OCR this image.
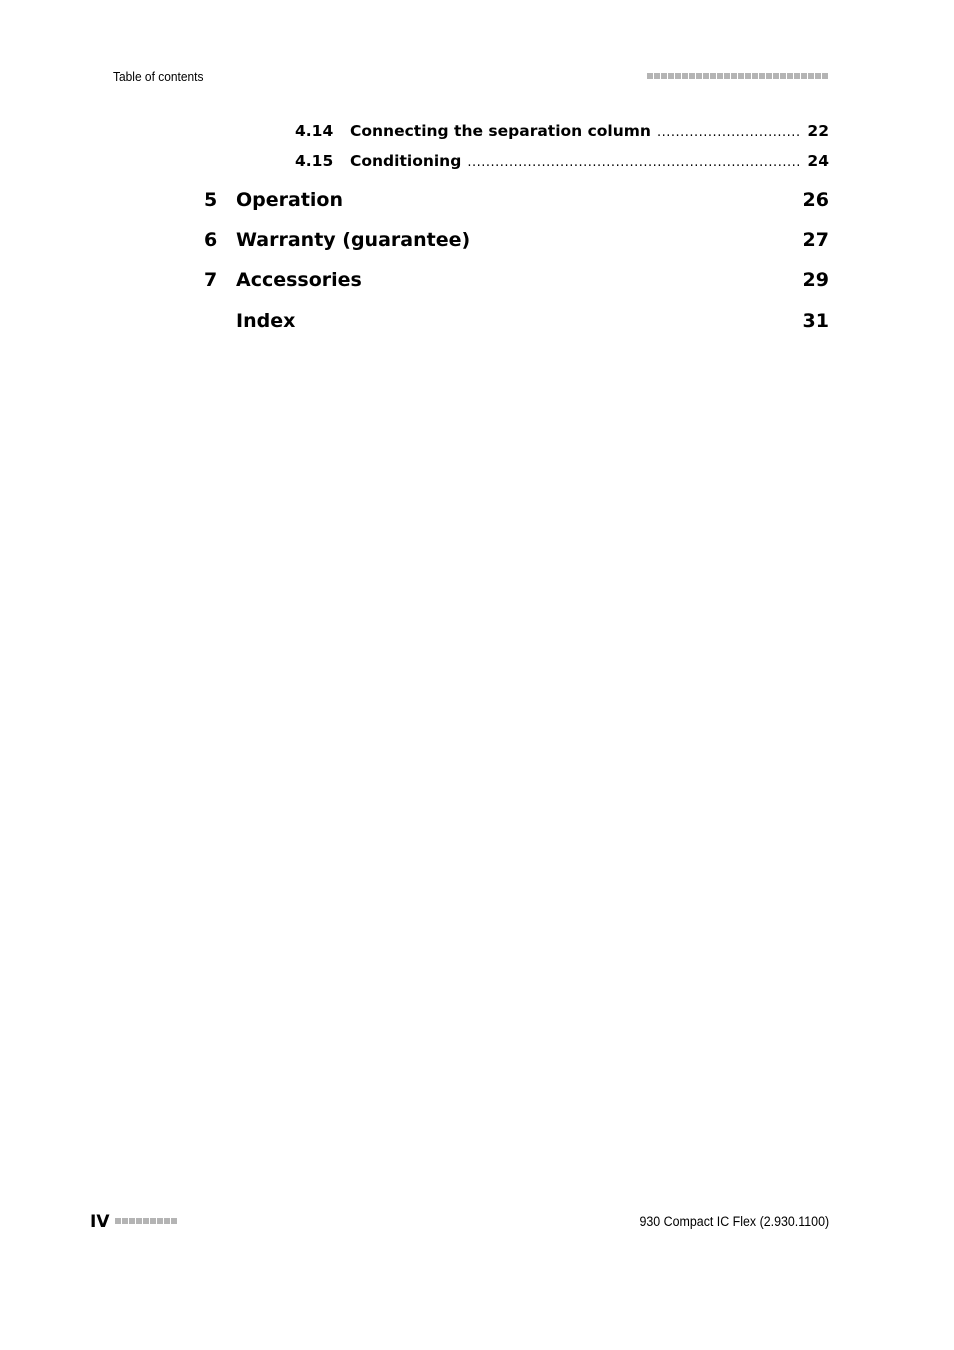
Table of contents
4.14	Connecting the separation column .....	22
4.15	Conditioning .....	24
5 Operation	26
6 Warranty (guarantee)	27
7 Accessories	29
Index	31
IV	930 Compact IC Flex (2.930.1100)
